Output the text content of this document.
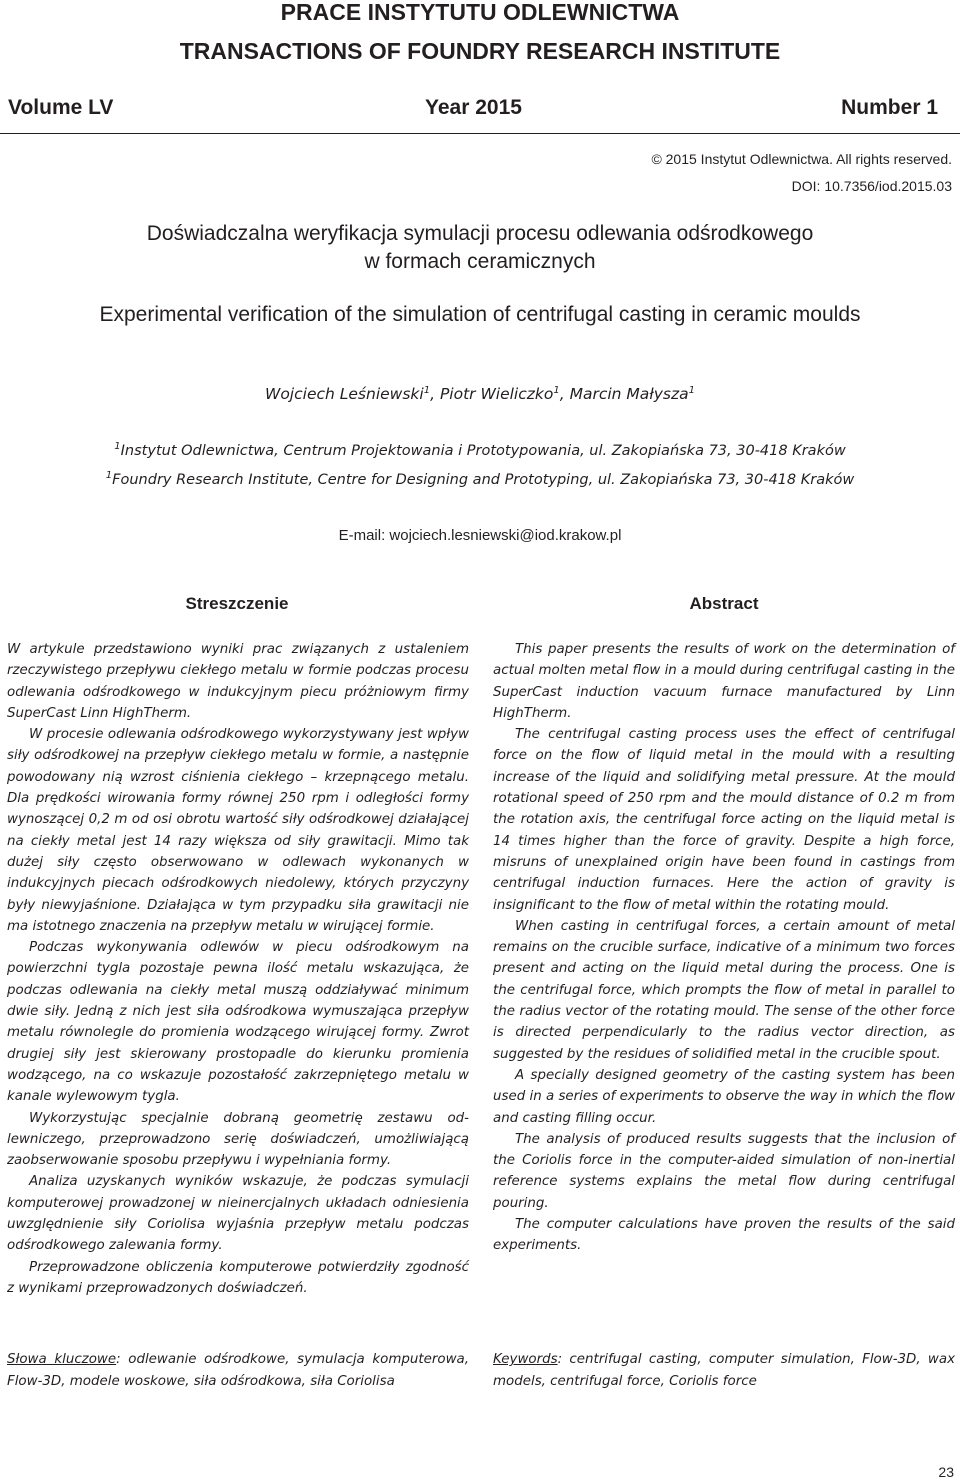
PRACE INSTYTUTU ODLEWNICTWA
TRANSACTIONS OF FOUNDRY RESEARCH INSTITUTE
Volume LV	Year 2015	Number 1
© 2015 Instytut Odlewnictwa. All rights reserved.
DOI: 10.7356/iod.2015.03
Doświadczalna weryfikacja symulacji procesu odlewania odśrodkowego
w formach ceramicznych
Experimental verification of the simulation of centrifugal casting in ceramic moulds
Wojciech Leśniewski$^1$, Piotr Wieliczko$^1$, Marcin Małysza$^1$
$^1$Instytut Odlewnictwa, Centrum Projektowania i Prototypowania, ul. Zakopiańska 73, 30-418 Kraków
$^1$Foundry Research Institute, Centre for Designing and Prototyping, ul. Zakopiańska 73, 30-418 Kraków
E-mail: wojciech.lesniewski@iod.krakow.pl
Streszczenie	Abstract

W artykule przedstawiono wyniki prac związanych z ustaleniem rzeczywistego przepływu ciekłego metalu w formie podczas procesu odlewania odśrodkowego w indukcyjnym piecu próżniowym firmy SuperCast Linn HighTherm.

W procesie odlewania odśrodkowego wykorzystywany jest wpływ siły odśrodkowej na przepływ ciekłego metalu w formie, a następnie powodowany nią wzrost ciśnienia ciekłego – krzepnącego metalu. Dla prędkości wirowania formy równej 250 rpm i odległości formy wynoszącej 0,2 m od osi obrotu wartość siły odśrodkowej działającej na ciekły metal jest 14 razy większa od siły grawitacji. Mimo tak dużej siły często obserwowano w odlewach wykonanych w indukcyjnych piecach odśrodkowych niedolewy, których przyczyny były niewyjaśnione. Działająca w tym przypadku siła grawitacji nie ma istotnego znaczenia na przepływ metalu w wirującej formie.

Podczas wykonywania odlewów w piecu odśrodkowym na powierzchni tygla pozostaje pewna ilość metalu wskazująca, że podczas odlewania na ciekły metal muszą oddziaływać minimum dwie siły. Jedną z nich jest siła odśrodkowa wymuszająca przepływ metalu równolegle do promienia wodzącego wirującej formy. Zwrot drugiej siły jest skierowany prostopadle do kierunku promienia wodzącego, na co wskazuje pozostałość zakrzepniętego metalu w kanale wylewowym tygla.

Wykorzystując specjalnie dobraną geometrię zestawu odlewniczego, przeprowadzono serię doświadczeń, umożliwiającą zaobserwowanie sposobu przepływu i wypełniania formy.

Analiza uzyskanych wyników wskazuje, że podczas symulacji komputerowej prowadzonej w nieinercjalnych układach odniesienia uwzględnienie siły Coriolisa wyjaśnia przepływ metalu podczas odśrodkowego zalewania formy.

Przeprowadzone obliczenia komputerowe potwierdziły zgodność z wynikami przeprowadzonych doświadczeń.

This paper presents the results of work on the determination of actual molten metal flow in a mould during centrifugal casting in the SuperCast induction vacuum furnace manufactured by Linn HighTherm.

The centrifugal casting process uses the effect of centrifugal force on the flow of liquid metal in the mould with a resulting increase of the liquid and solidifying metal pressure. At the mould rotational speed of 250 rpm and the mould distance of 0.2 m from the rotation axis, the centrifugal force acting on the liquid metal is 14 times higher than the force of gravity. Despite a high force, misruns of unexplained origin have been found in castings from centrifugal induction furnaces. Here the action of gravity is insignificant to the flow of metal within the rotating mould.

When casting in centrifugal forces, a certain amount of metal remains on the crucible surface, indicative of a minimum two forces present and acting on the liquid metal during the process. One is the centrifugal force, which prompts the flow of metal in parallel to the radius vector of the rotating mould. The sense of the other force is directed perpendicularly to the radius vector direction, as suggested by the residues of solidified metal in the crucible spout.

A specially designed geometry of the casting system has been used in a series of experiments to observe the way in which the flow and casting filling occur.

The analysis of produced results suggests that the inclusion of the Coriolis force in the computer-aided simulation of non-inertial reference systems explains the metal flow during centrifugal pouring.

The computer calculations have proven the results of the said experiments.

Słowa kluczowe: odlewanie odśrodkowe, symulacja komputerowa, Flow-3D, modele woskowe, siła odśrodkowa, siła Coriolisa
Keywords: centrifugal casting, computer simulation, Flow-3D, wax models, centrifugal force, Coriolis force
23
